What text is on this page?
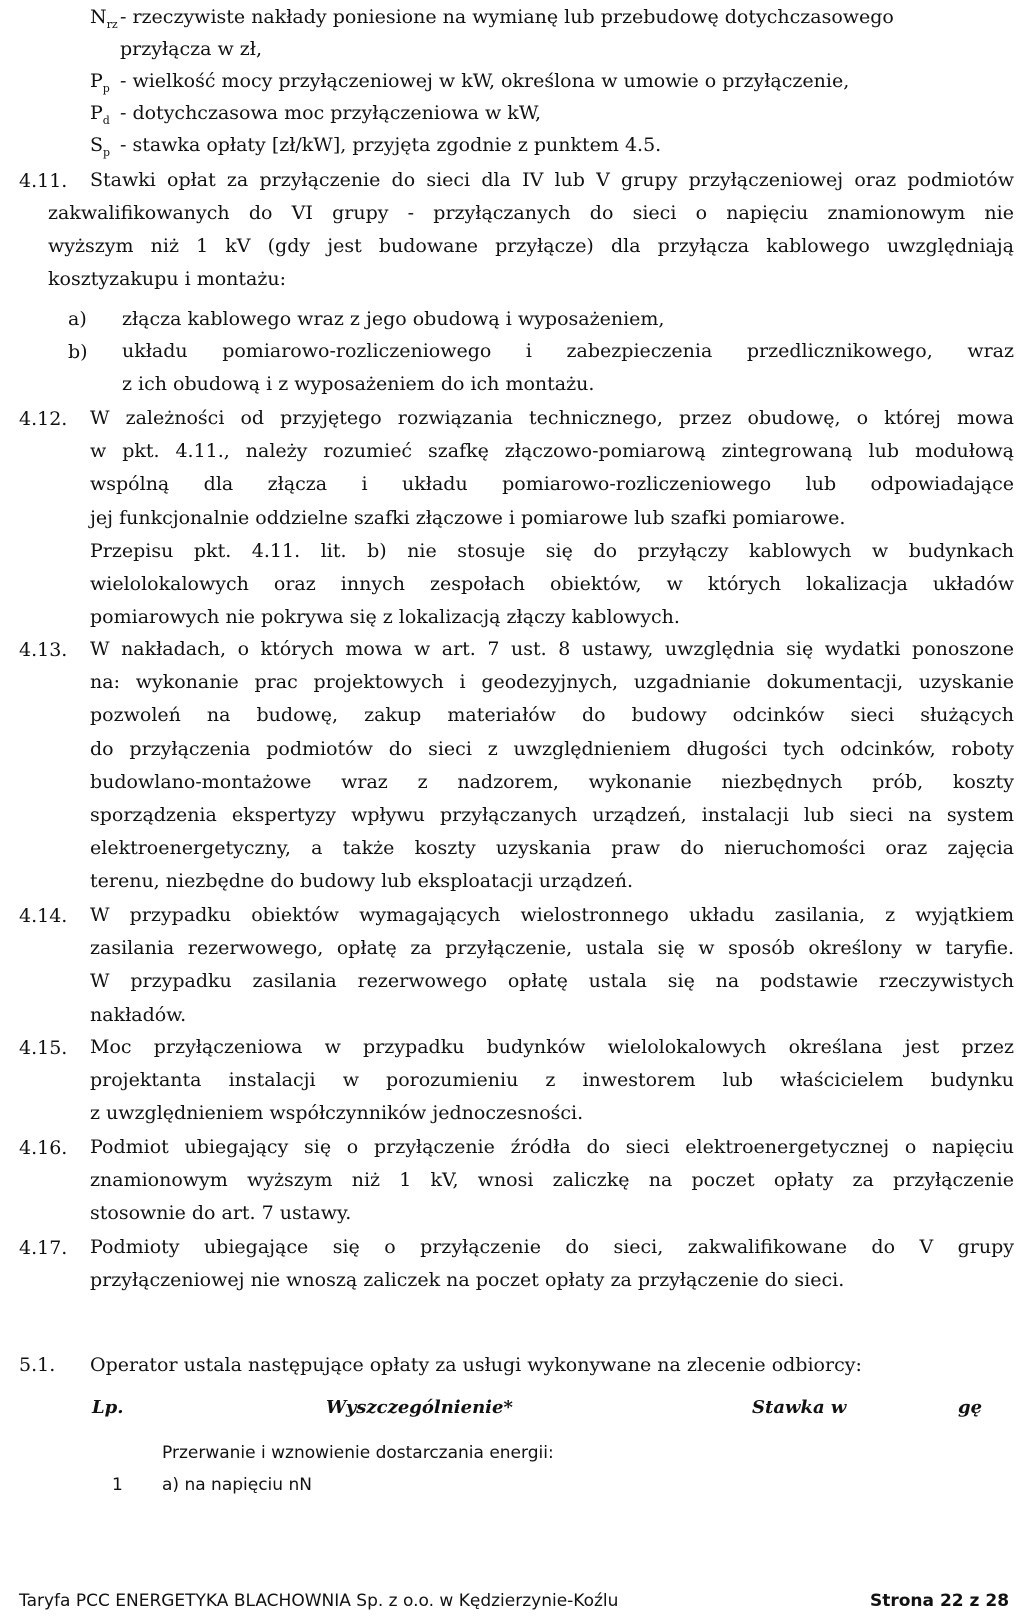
$N_{rz}$ - rzeczywiste nakłady poniesione na wymianę lub przebudowę dotychczasowego
przyłącza w zł,
$P_p$ - wielkość mocy przyłączeniowej w kW, określona w umowie o przyłączenie,
$P_d$ - dotychczasowa moc przyłączeniowa w kW,
$S_p$ - stawka opłaty [zł/kW], przyjęta zgodnie z punktem 4.5.
4.11. Stawki opłat za przyłączenie do sieci dla IV lub V grupy przyłączeniowej oraz podmiotów
zakwalifikowanych do VI grupy - przyłączanych do sieci o napięciu znamionowym nie
wyższym niż 1 kV (gdy jest budowane przyłącze) dla przyłącza kablowego uwzględniają
kosztyzakupu i montażu:
a) złącza kablowego wraz z jego obudową i wyposażeniem,
b) układu pomiarowo-rozliczeniowego i zabezpieczenia przedlicznikowego, wraz
z ich obudową i z wyposażeniem do ich montażu.
4.12. W zależności od przyjętego rozwiązania technicznego, przez obudowę, o której mowa
w pkt. 4.11., należy rozumieć szafkę złączowo-pomiarową zintegrowaną lub modułową
wspólną dla złącza i układu pomiarowo-rozliczeniowego lub odpowiadające
jej funkcjonalnie oddzielne szafki złączowe i pomiarowe lub szafki pomiarowe.
Przepisu pkt. 4.11. lit. b) nie stosuje się do przyłączy kablowych w budynkach
wielolokalowych oraz innych zespołach obiektów, w których lokalizacja układów
pomiarowych nie pokrywa się z lokalizacją złączy kablowych.
4.13. W nakładach, o których mowa w art. 7 ust. 8 ustawy, uwzględnia się wydatki ponoszone
na: wykonanie prac projektowych i geodezyjnych, uzgadnianie dokumentacji, uzyskanie
pozwoleń na budowę, zakup materiałów do budowy odcinków sieci służących
do przyłączenia podmiotów do sieci z uwzględnieniem długości tych odcinków, roboty
budowlano-montażowe wraz z nadzorem, wykonanie niezbędnych prób, koszty
sporządzenia ekspertyzy wpływu przyłączanych urządzeń, instalacji lub sieci na system
elektroenergetyczny, a także koszty uzyskania praw do nieruchomości oraz zajęcia
terenu, niezbędne do budowy lub eksploatacji urządzeń.
4.14. W przypadku obiektów wymagających wielostronnego układu zasilania, z wyjątkiem
zasilania rezerwowego, opłatę za przyłączenie, ustala się w sposób określony w taryfie.
W przypadku zasilania rezerwowego opłatę ustala się na podstawie rzeczywistych
nakładów.
4.15. Moc przyłączeniowa w przypadku budynków wielolokalowych określana jest przez
projektanta instalacji w porozumieniu z inwestorem lub właścicielem budynku
z uwzględnieniem współczynników jednoczesności.
4.16. Podmiot ubiegający się o przyłączenie źródła do sieci elektroenergetycznej o napięciu
znamionowym wyższym niż 1 kV, wnosi zaliczkę na poczet opłaty za przyłączenie
stosownie do art. 7 ustawy.
4.17. Podmioty ubiegające się o przyłączenie do sieci, zakwalifikowane do V grupy
przyłączeniowej nie wnoszą zaliczek na poczet opłaty za przyłączenie do sieci.
5.1. Operator ustala następujące opłaty za usługi wykonywane na zlecenie odbiorcy:
Lp.	Wyszczególnienie*	Stawka w	gę
Przerwanie i wznowienie dostarczania energii:
1 a) na napięciu nN
Taryfa PCC ENERGETYKA BLACHOWNIA Sp. z o.o. w Kędzierzynie-Koźlu	Strona 22 z 28
